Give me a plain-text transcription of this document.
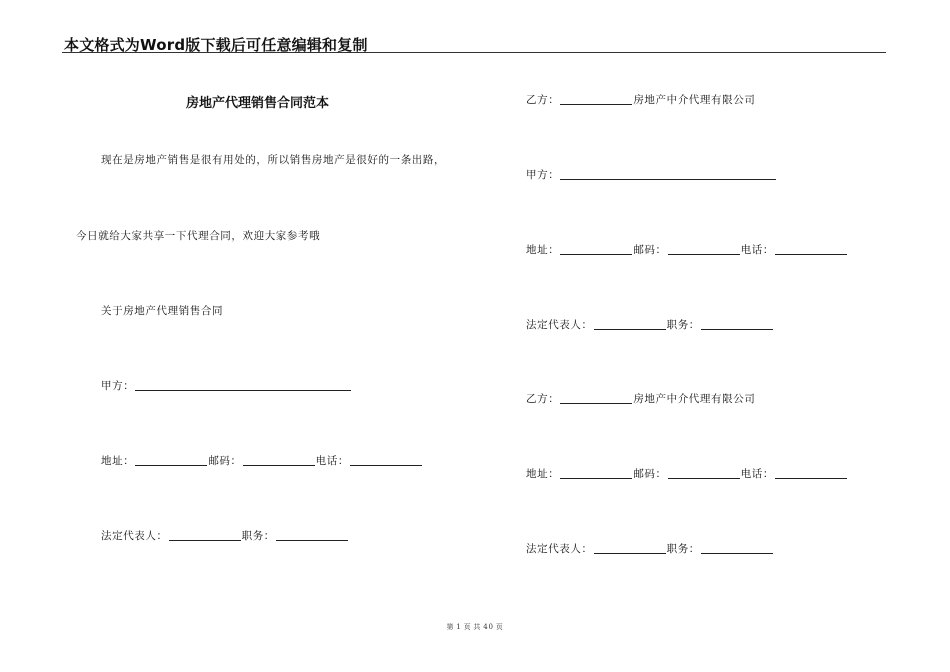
本文格式为Word版下载后可任意编辑和复制
房地产代理销售合同范本
现在是房地产销售是很有用处的，所以销售房地产是很好的一条出路，
今日就给大家共享一下代理合同，欢迎大家参考哦
关于房地产代理销售合同
甲方：
地址：	邮码：	电话：
法定代表人：	职务：
乙方：	房地产中介代理有限公司
甲方：
地址：	邮码：	电话：
法定代表人：	职务：
乙方：	房地产中介代理有限公司
地址：	邮码：	电话：
法定代表人：	职务：
第 1 页 共 40 页
